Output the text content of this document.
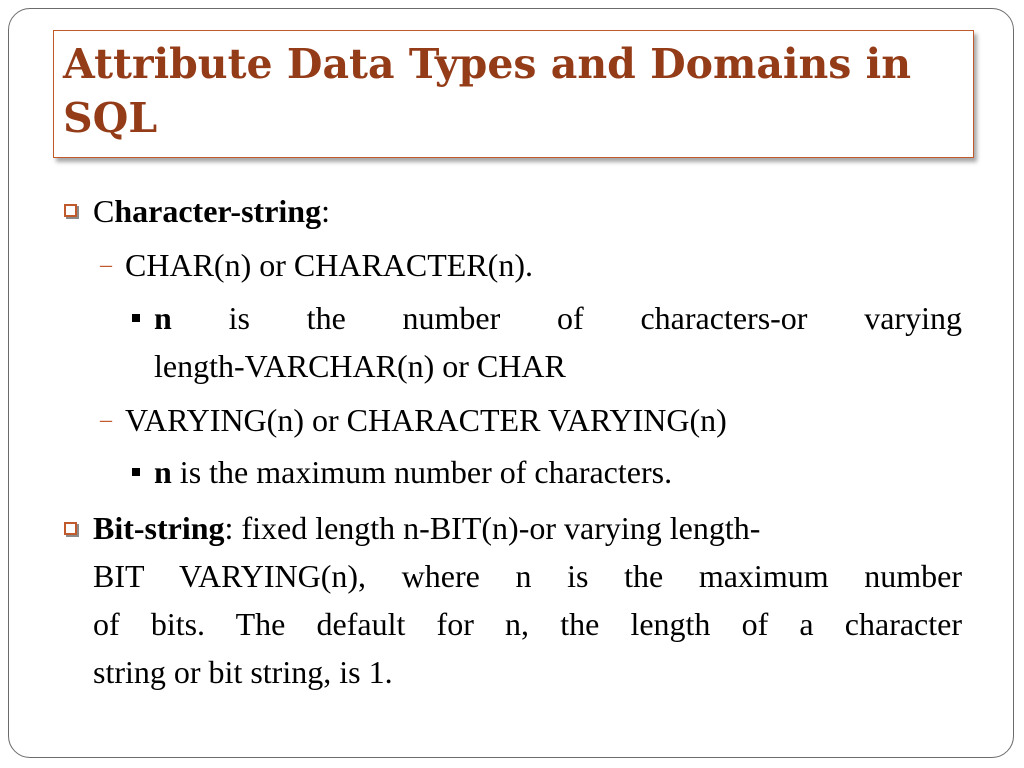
Attribute Data Types and Domains in SQL
Character-string:
– CHAR(n) or CHARACTER(n).
n is the number of characters-or varying
length-VARCHAR(n) or CHAR
– VARYING(n) or CHARACTER VARYING(n)
n is the maximum number of characters.
Bit-string: fixed length n-BIT(n)-or varying length-
BIT VARYING(n), where n is the maximum number
of bits. The default for n, the length of a character
string or bit string, is 1.
